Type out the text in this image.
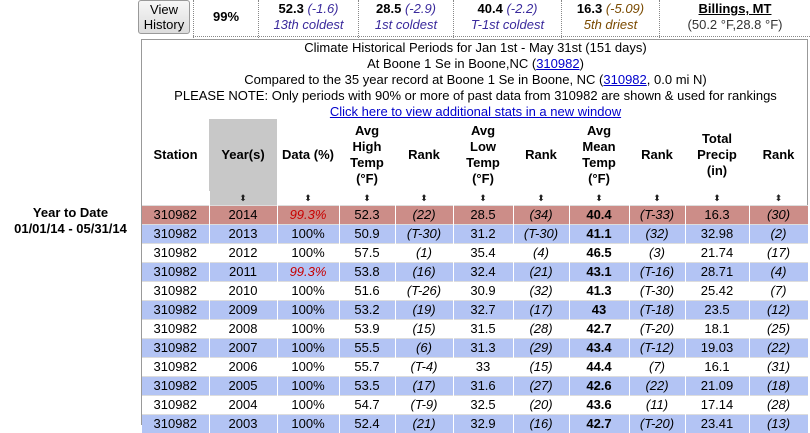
View
History
99%
52.3 (-1.6)
13th coldest
28.5 (-2.9)
1st coldest
40.4 (-2.2)
T-1st coldest
16.3 (-5.09)
5th driest
Billings, MT
(50.2 °F,28.8 °F)
Year to Date
01/01/14 - 05/31/14
Climate Historical Periods for Jan 1st - May 31st (151 days)
At Boone 1 Se in Boone,NC (310982)
Compared to the 35 year record at Boone 1 Se in Boone, NC (310982, 0.0 mi N)
PLEASE NOTE: Only periods with 90% or more of past data from 310982 are shown & used for rankings
Click here to view additional stats in a new window
Station	Year(s)	Data (%)	Avg
High
Temp
(°F)	Rank	Avg
Low
Temp
(°F)	Rank	Avg
Mean
Temp
(°F)	Rank	Total
Precip
(in)	Rank
	⬍	⬍	⬍	⬍	⬍	⬍	⬍	⬍	⬍	⬍
310982	2014	99.3%	52.3	(22)	28.5	(34)	40.4	(T-33)	16.3	(30)
310982	2013	100%	50.9	(T-30)	31.2	(T-30)	41.1	(32)	32.98	(2)
310982	2012	100%	57.5	(1)	35.4	(4)	46.5	(3)	21.74	(17)
310982	2011	99.3%	53.8	(16)	32.4	(21)	43.1	(T-16)	28.71	(4)
310982	2010	100%	51.6	(T-26)	30.9	(32)	41.3	(T-30)	25.42	(7)
310982	2009	100%	53.2	(19)	32.7	(17)	43	(T-18)	23.5	(12)
310982	2008	100%	53.9	(15)	31.5	(28)	42.7	(T-20)	18.1	(25)
310982	2007	100%	55.5	(6)	31.3	(29)	43.4	(T-12)	19.03	(22)
310982	2006	100%	55.7	(T-4)	33	(15)	44.4	(7)	16.1	(31)
310982	2005	100%	53.5	(17)	31.6	(27)	42.6	(22)	21.09	(18)
310982	2004	100%	54.7	(T-9)	32.5	(20)	43.6	(11)	17.14	(28)
310982	2003	100%	52.4	(21)	32.9	(16)	42.7	(T-20)	23.41	(13)
